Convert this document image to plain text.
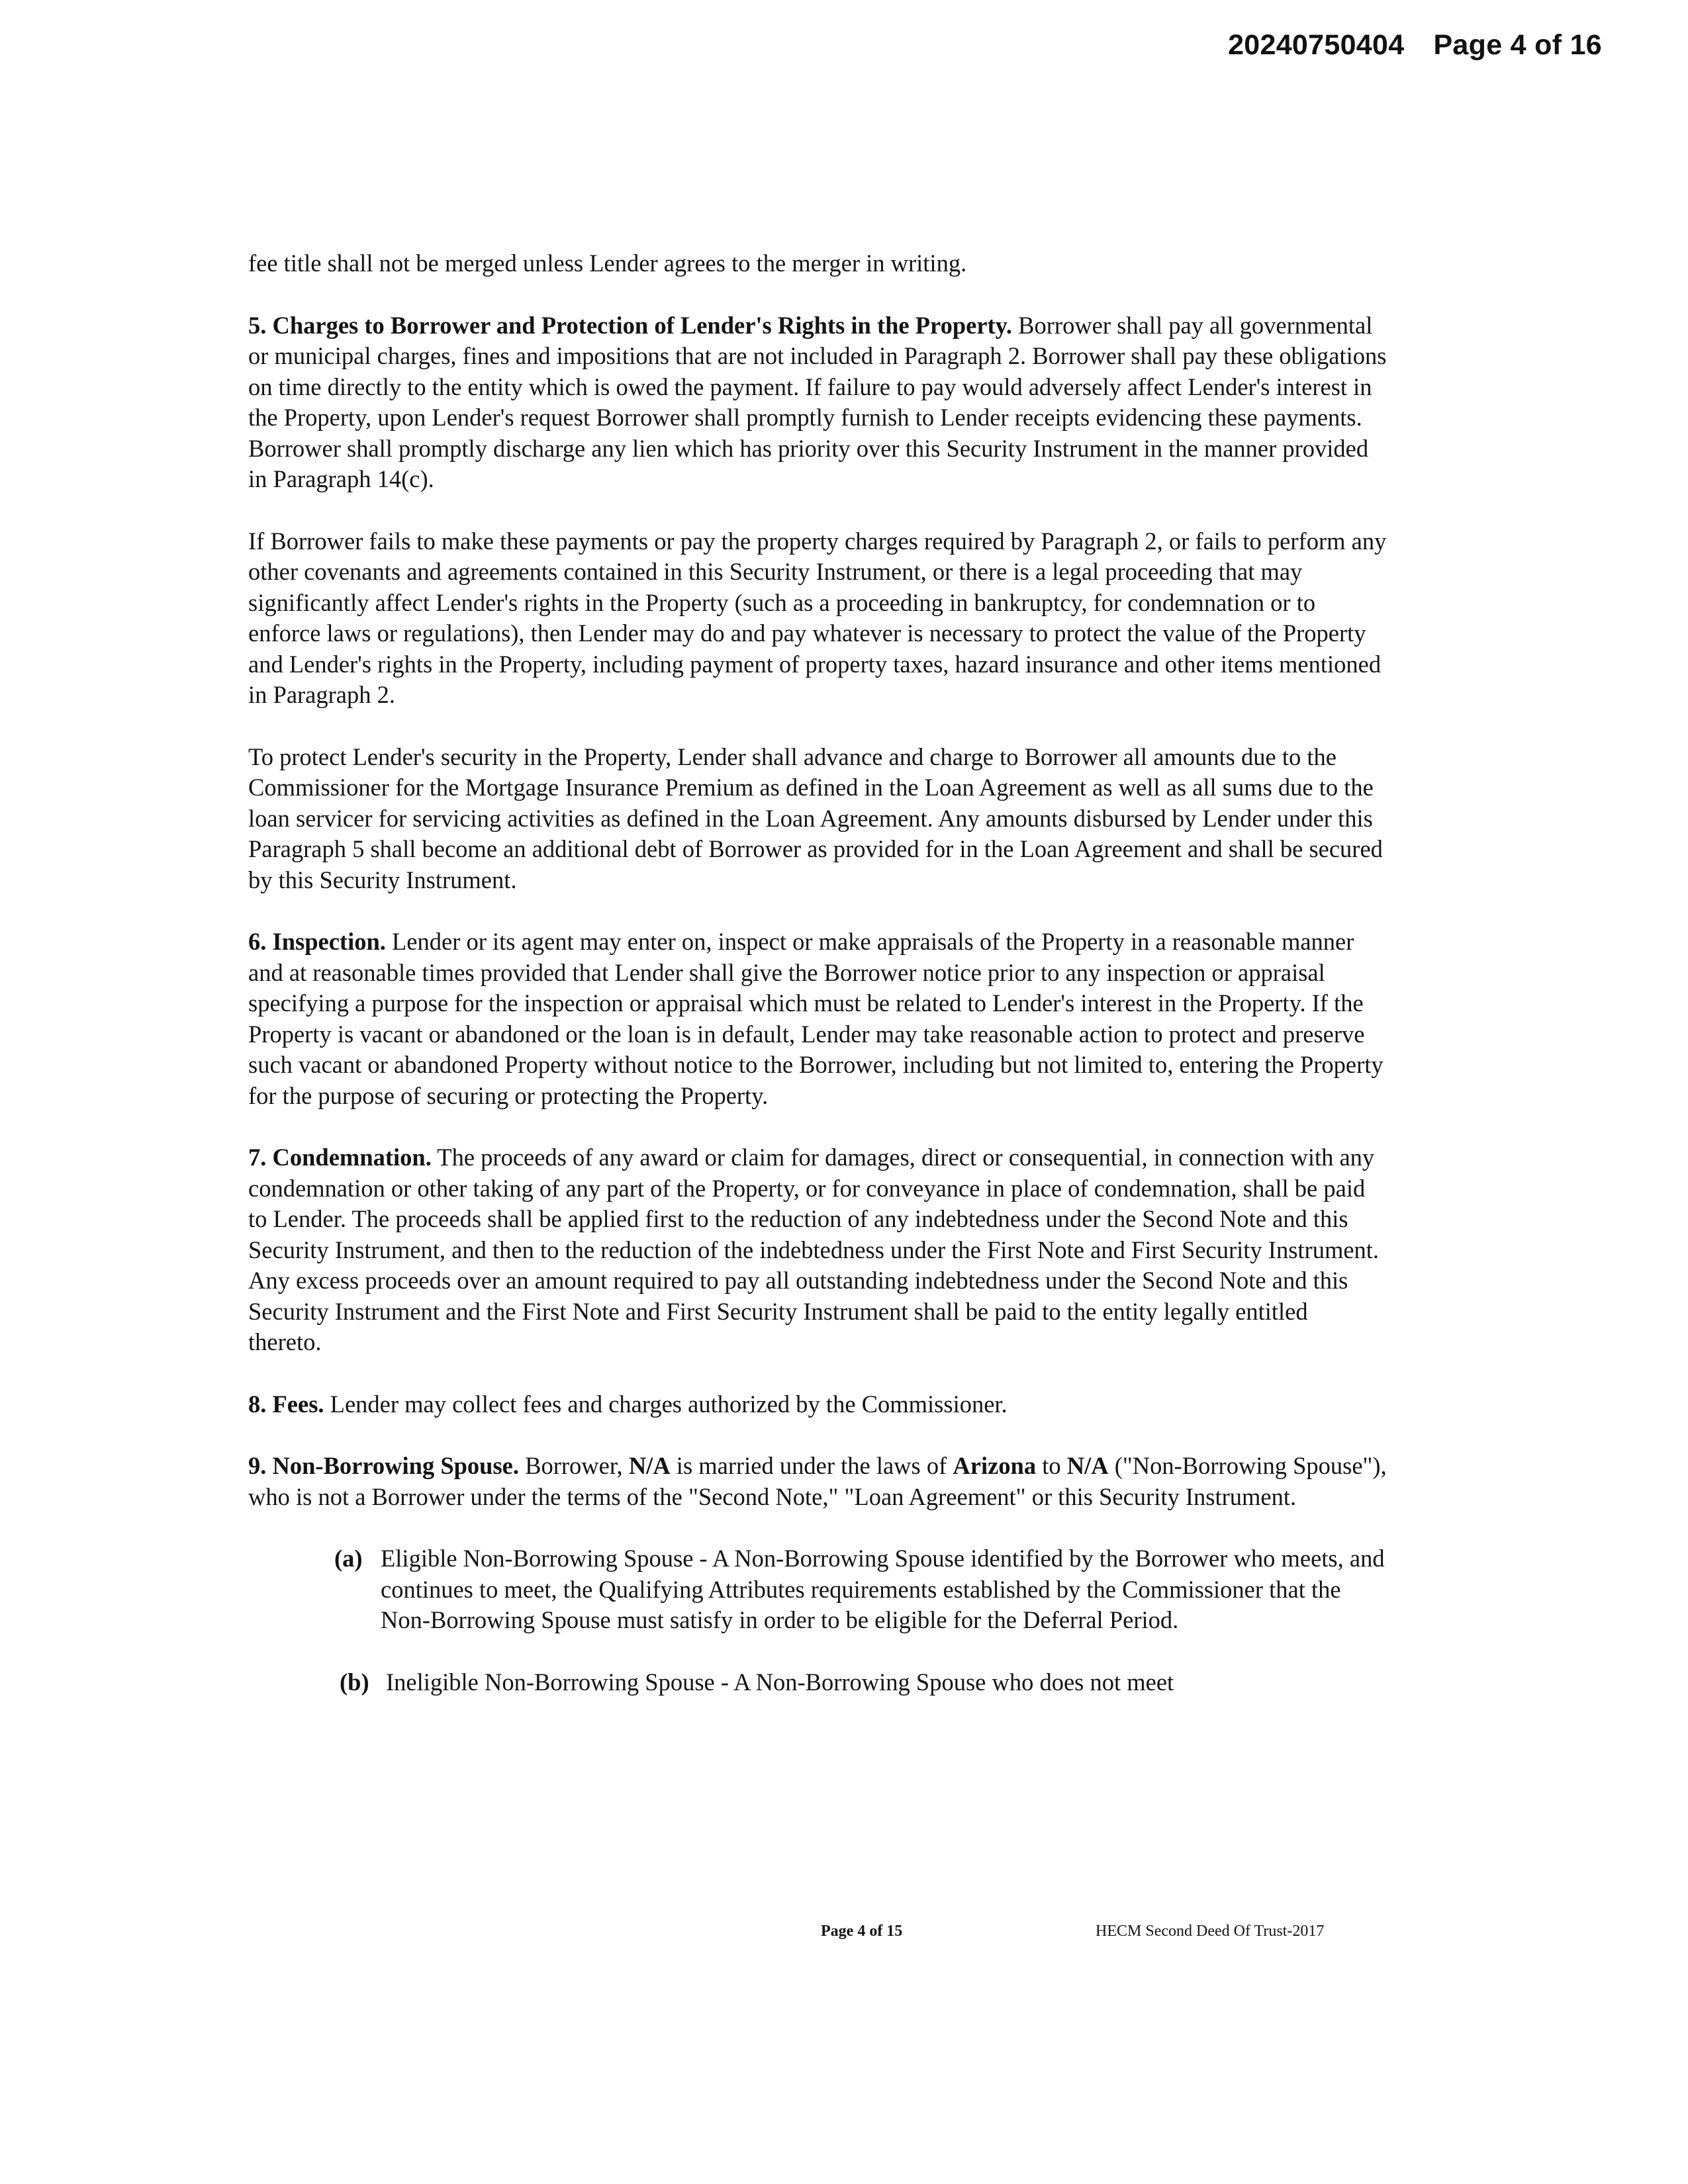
20240750404 Page 4 of 16

fee title shall not be merged unless Lender agrees to the merger in writing.

5. Charges to Borrower and Protection of Lender's Rights in the Property. Borrower shall pay all governmental or municipal charges, fines and impositions that are not included in Paragraph 2. Borrower shall pay these obligations on time directly to the entity which is owed the payment. If failure to pay would adversely affect Lender's interest in the Property, upon Lender's request Borrower shall promptly furnish to Lender receipts evidencing these payments. Borrower shall promptly discharge any lien which has priority over this Security Instrument in the manner provided in Paragraph 14(c).

If Borrower fails to make these payments or pay the property charges required by Paragraph 2, or fails to perform any other covenants and agreements contained in this Security Instrument, or there is a legal proceeding that may significantly affect Lender's rights in the Property (such as a proceeding in bankruptcy, for condemnation or to enforce laws or regulations), then Lender may do and pay whatever is necessary to protect the value of the Property and Lender's rights in the Property, including payment of property taxes, hazard insurance and other items mentioned in Paragraph 2.

To protect Lender's security in the Property, Lender shall advance and charge to Borrower all amounts due to the Commissioner for the Mortgage Insurance Premium as defined in the Loan Agreement as well as all sums due to the loan servicer for servicing activities as defined in the Loan Agreement. Any amounts disbursed by Lender under this Paragraph 5 shall become an additional debt of Borrower as provided for in the Loan Agreement and shall be secured by this Security Instrument.

6. Inspection. Lender or its agent may enter on, inspect or make appraisals of the Property in a reasonable manner and at reasonable times provided that Lender shall give the Borrower notice prior to any inspection or appraisal specifying a purpose for the inspection or appraisal which must be related to Lender's interest in the Property. If the Property is vacant or abandoned or the loan is in default, Lender may take reasonable action to protect and preserve such vacant or abandoned Property without notice to the Borrower, including but not limited to, entering the Property for the purpose of securing or protecting the Property.

7. Condemnation. The proceeds of any award or claim for damages, direct or consequential, in connection with any condemnation or other taking of any part of the Property, or for conveyance in place of condemnation, shall be paid to Lender. The proceeds shall be applied first to the reduction of any indebtedness under the Second Note and this Security Instrument, and then to the reduction of the indebtedness under the First Note and First Security Instrument. Any excess proceeds over an amount required to pay all outstanding indebtedness under the Second Note and this Security Instrument and the First Note and First Security Instrument shall be paid to the entity legally entitled thereto.

8. Fees. Lender may collect fees and charges authorized by the Commissioner.

9. Non-Borrowing Spouse. Borrower, N/A is married under the laws of Arizona to N/A ("Non-Borrowing Spouse"), who is not a Borrower under the terms of the "Second Note," "Loan Agreement" or this Security Instrument.

(a) Eligible Non-Borrowing Spouse - A Non-Borrowing Spouse identified by the Borrower who meets, and continues to meet, the Qualifying Attributes requirements established by the Commissioner that the Non-Borrowing Spouse must satisfy in order to be eligible for the Deferral Period.
(b) Ineligible Non-Borrowing Spouse - A Non-Borrowing Spouse who does not meet
Page 4 of 15	HECM Second Deed Of Trust-2017
